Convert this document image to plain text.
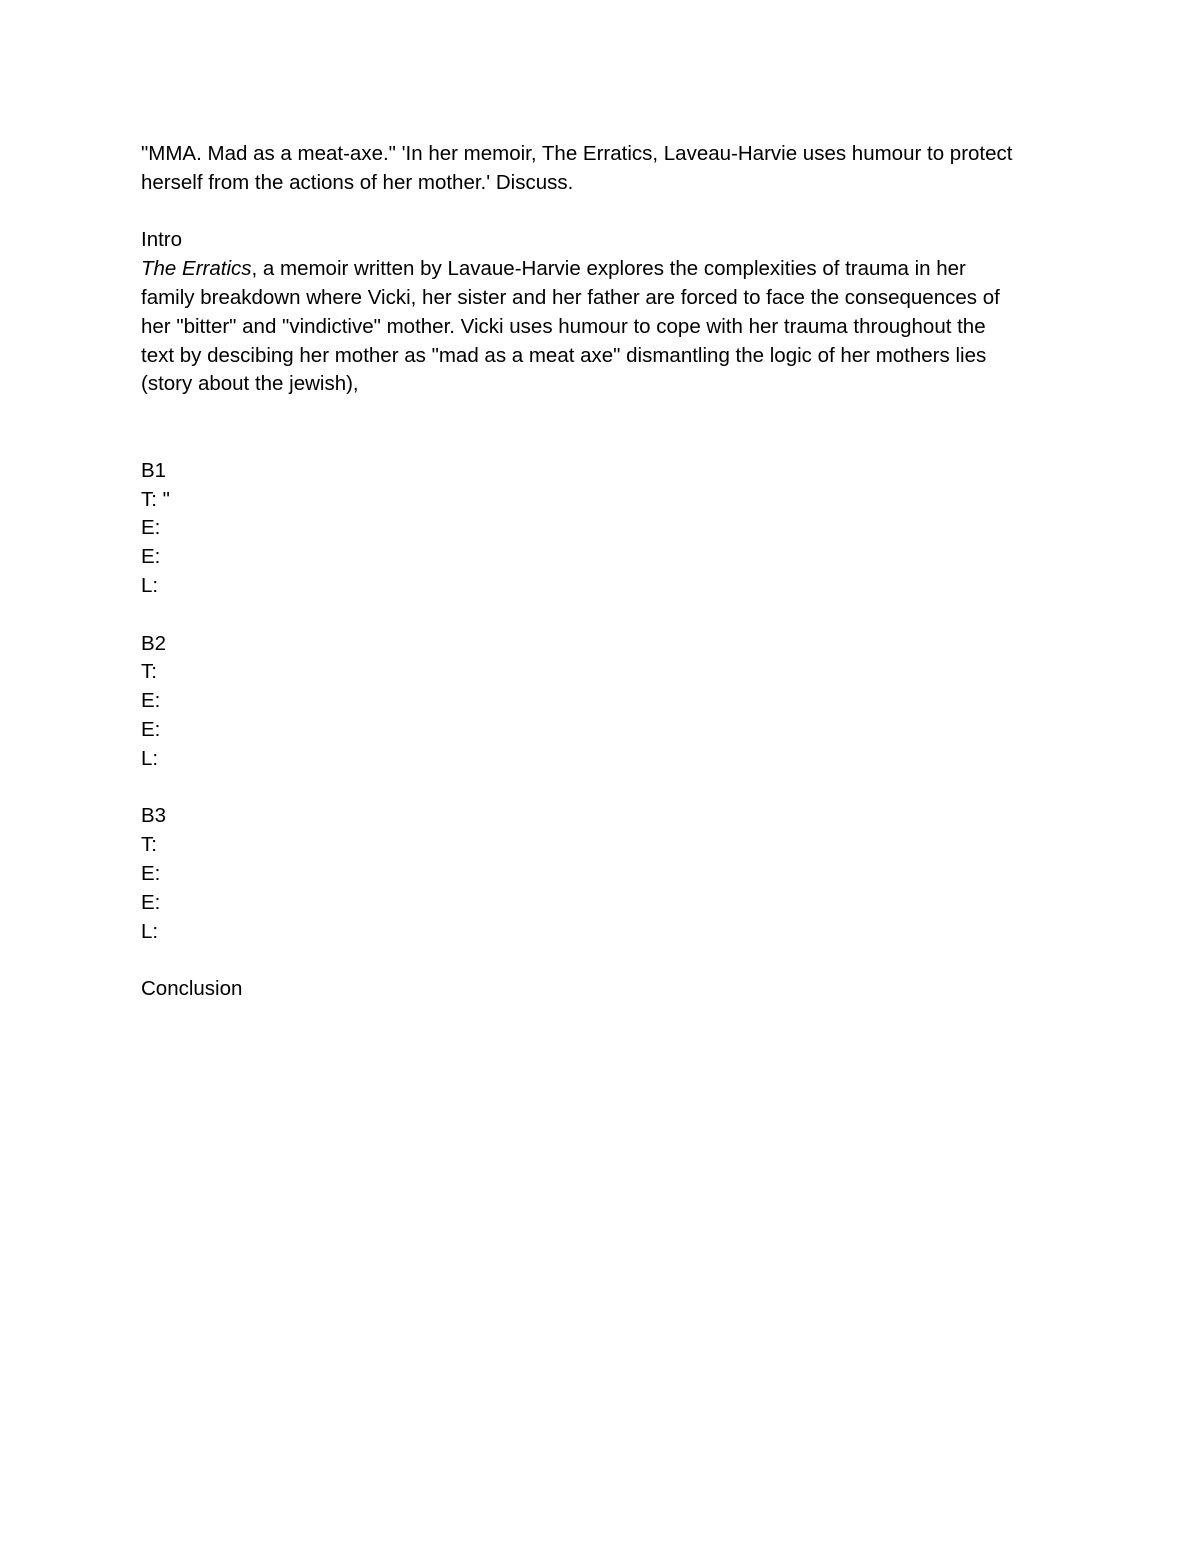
"MMA. Mad as a meat-axe." 'In her memoir, The Erratics, Laveau-Harvie uses humour to protect
herself from the actions of her mother.' Discuss.
Intro
The Erratics, a memoir written by Lavaue-Harvie explores the complexities of trauma in her
family breakdown where Vicki, her sister and her father are forced to face the consequences of
her "bitter" and "vindictive" mother. Vicki uses humour to cope with her trauma throughout the
text by descibing her mother as "mad as a meat axe" dismantling the logic of her mothers lies
(story about the jewish),
B1
T: "
E:
E:
L:
B2
T:
E:
E:
L:
B3
T:
E:
E:
L:
Conclusion
